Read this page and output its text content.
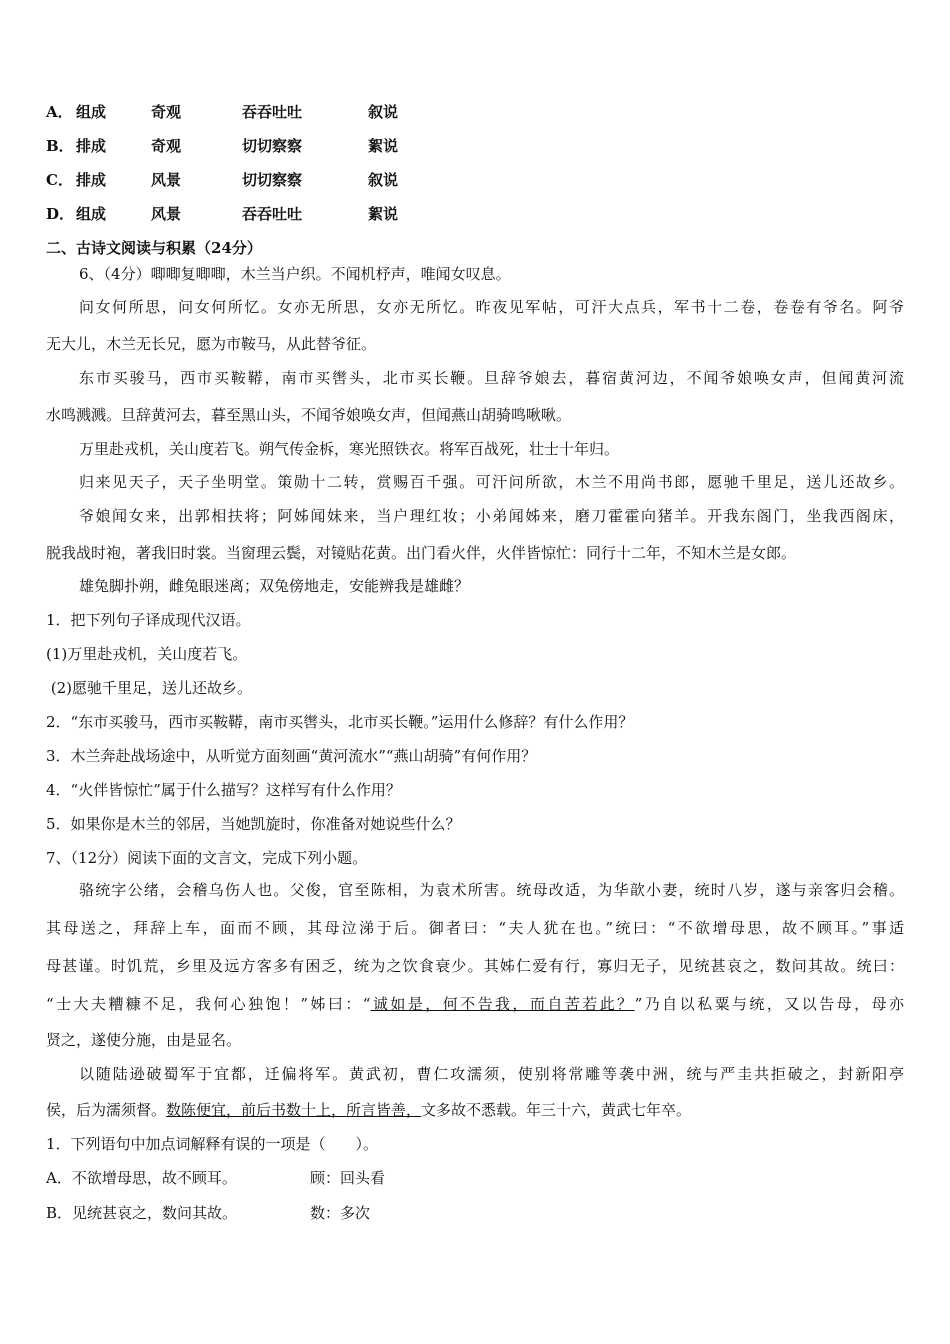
A． 组成	奇观	吞吞吐吐	叙说
B． 排成	奇观	切切察察	絮说
C． 排成	风景	切切察察	叙说
D． 组成	风景	吞吞吐吐	絮说
二、古诗文阅读与积累（24分）
6、（4分）唧唧复唧唧，木兰当户织。不闻机杼声，唯闻女叹息。
问女何所思，问女何所忆。女亦无所思，女亦无所忆。昨夜见军帖，可汗大点兵，军书十二卷，卷卷有爷名。阿爷
无大儿，木兰无长兄，愿为市鞍马，从此替爷征。
东市买骏马，西市买鞍鞯，南市买辔头，北市买长鞭。旦辞爷娘去，暮宿黄河边，不闻爷娘唤女声，但闻黄河流
水鸣溅溅。旦辞黄河去，暮至黑山头，不闻爷娘唤女声，但闻燕山胡骑鸣啾啾。
万里赴戎机，关山度若飞。朔气传金柝，寒光照铁衣。将军百战死，壮士十年归。
归来见天子，天子坐明堂。策勋十二转，赏赐百千强。可汗问所欲，木兰不用尚书郎，愿驰千里足，送儿还故乡。
爷娘闻女来，出郭相扶将；阿姊闻妹来，当户理红妆；小弟闻姊来，磨刀霍霍向猪羊。开我东阁门，坐我西阁床，
脱我战时袍，著我旧时裳。当窗理云鬓，对镜贴花黄。出门看火伴，火伴皆惊忙：同行十二年，不知木兰是女郎。
雄兔脚扑朔，雌兔眼迷离；双兔傍地走，安能辨我是雄雌？
1．把下列句子译成现代汉语。
(1)万里赴戎机，关山度若飞。
(2)愿驰千里足，送儿还故乡。
2．“东市买骏马，西市买鞍鞯，南市买辔头，北市买长鞭。”运用什么修辞？有什么作用？
3．木兰奔赴战场途中，从听觉方面刻画“黄河流水”“燕山胡骑”有何作用？
4．“火伴皆惊忙”属于什么描写？这样写有什么作用？
5．如果你是木兰的邻居，当她凯旋时，你准备对她说些什么？
7、（12分）阅读下面的文言文，完成下列小题。
骆统字公绪，会稽乌伤人也。父俊，官至陈相，为袁术所害。统母改适，为华歆小妻，统时八岁，遂与亲客归会稽。
其母送之，拜辞上车，面而不顾，其母泣涕于后。御者曰：“夫人犹在也。”统曰：“不欲增母思，故不顾耳。”事适
母甚谨。时饥荒，乡里及远方客多有困乏，统为之饮食衰少。其姊仁爱有行，寡归无子，见统甚哀之，数问其故。统曰：
“士大夫糟糠不足，我何心独饱！”姊曰：“诚如是，何不告我，而自苦若此？”乃自以私粟与统，又以告母，母亦
贤之，遂使分施，由是显名。
以随陆逊破蜀军于宜都，迁偏将军。黄武初，曹仁攻濡须，使别将常雕等袭中洲，统与严圭共拒破之，封新阳亭
侯，后为濡须督。数陈便宜，前后书数十上，所言皆善，文多故不悉载。年三十六，黄武七年卒。
1．下列语句中加点词解释有误的一项是（　　）。
A．不欲增母思，故不顾耳。	顾：回头看
B．见统甚哀之，数问其故。	数：多次
